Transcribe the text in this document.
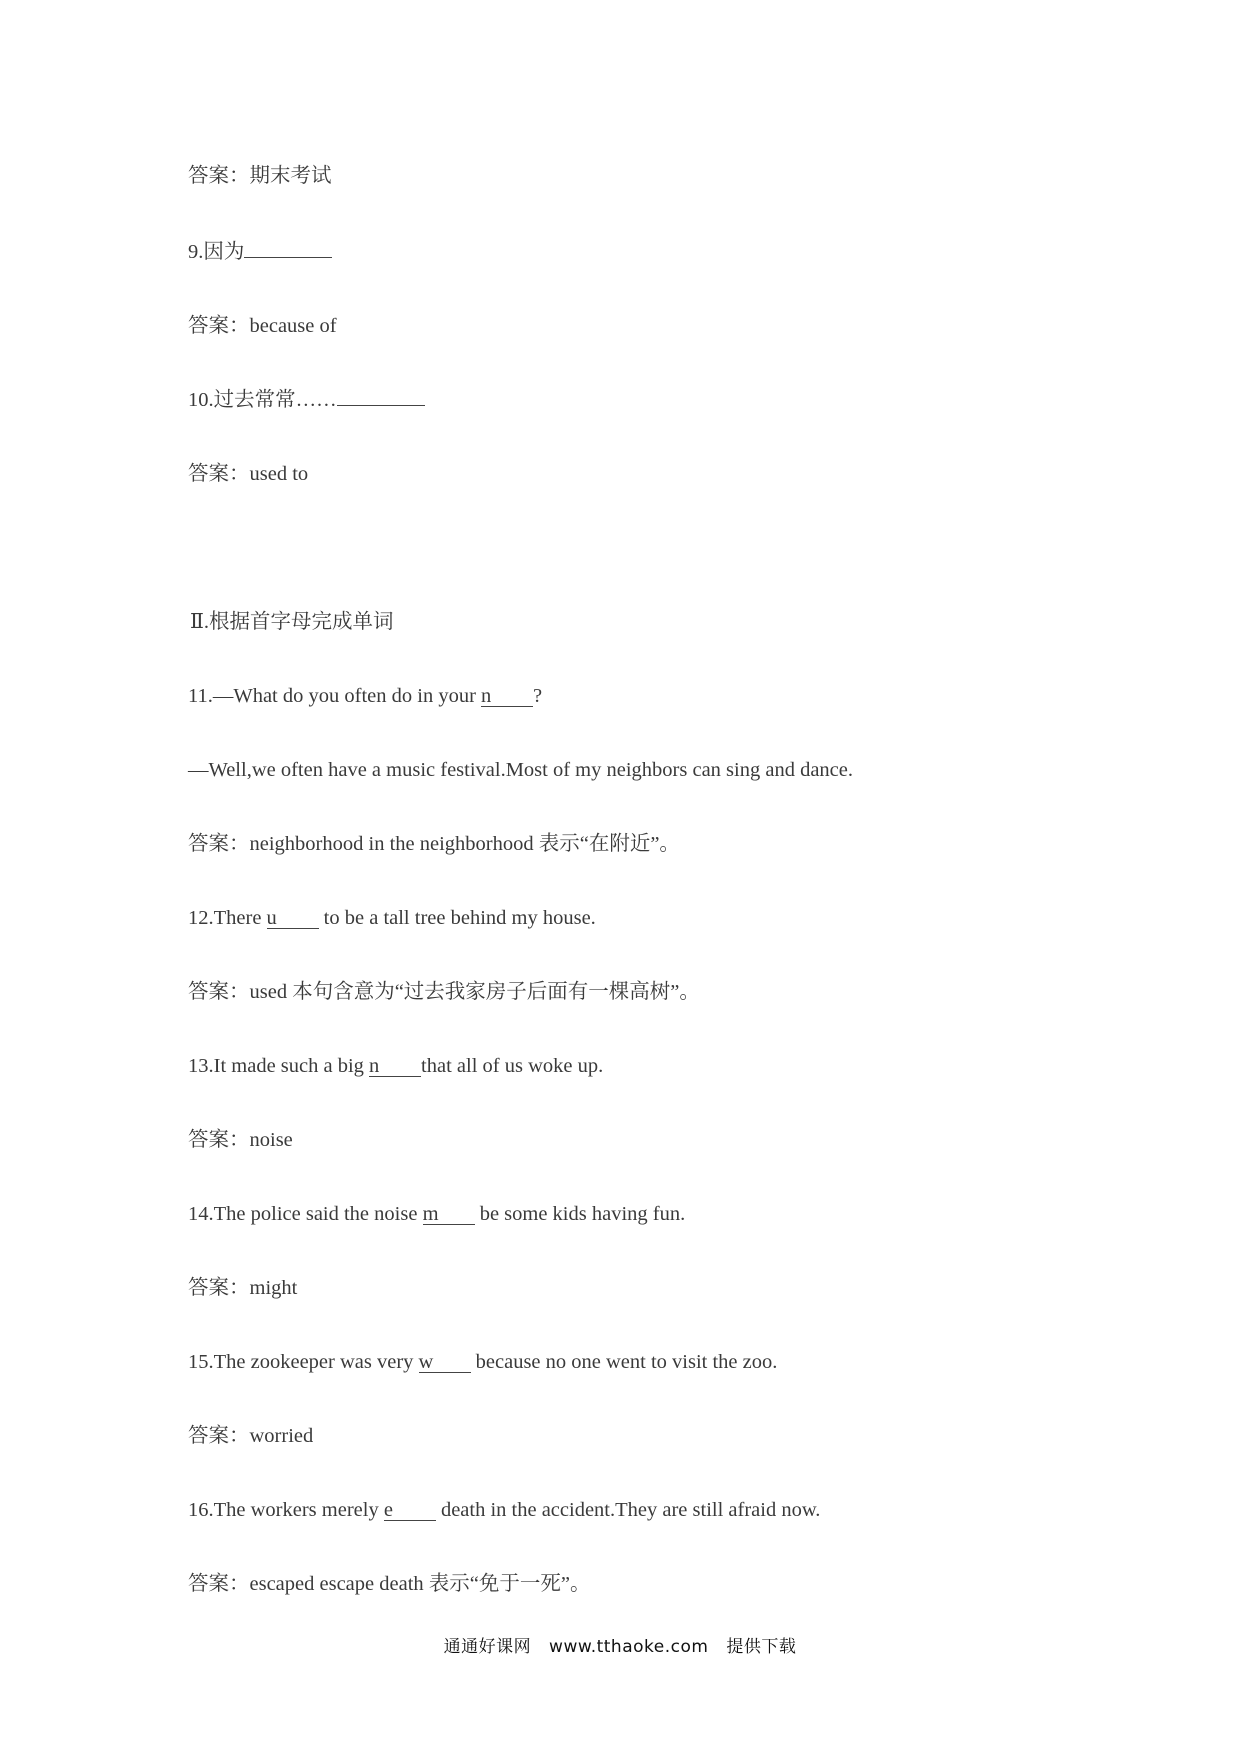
答案：期末考试
9.因为
答案：because of
10.过去常常……
答案：used to
Ⅱ.根据首字母完成单词
11.—What do you often do in your n ?
—Well,we often have a music festival.Most of my neighbors can sing and dance.
答案：neighborhood in the neighborhood 表示“在附近”。
12.There u to be a tall tree behind my house.
答案：used 本句含意为“过去我家房子后面有一棵高树”。
13.It made such a big n that all of us woke up.
答案：noise
14.The police said the noise m be some kids having fun.
答案：might
15.The zookeeper was very w because no one went to visit the zoo.
答案：worried
16.The workers merely e death in the accident.They are still afraid now.
答案：escaped escape death 表示“免于一死”。
通通好课网 www.tthaoke.com 提供下载
